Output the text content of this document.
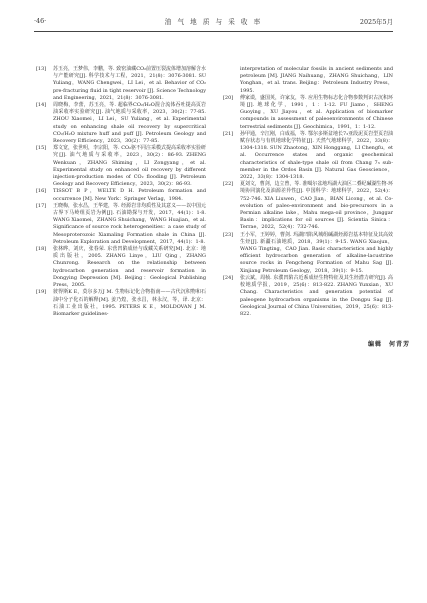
·46·	油 气 地 质 与 采 收 率	2025年5月

[13] 苏玉亮，王梦伟，李鹏，等. 致密油藏CO₂前置压裂流体增加溶解含水与产能研究[J]. 科学技术与工程，2021，21(8)：3076-3081. SU Yuliang，WANG Chengwei，LI Lei，et al. Behavior of CO₂ pre-fracturing fluid in tight reservoir [J]. Science Technology and Engineering，2021，21(8)：3076-3081.

[14] 周晓梅，李蕾，苏玉亮，等. 超临界CO₂/H₂O混合流体吞吐提高页岩油采收率实验研究[J]. 油气地质与采收率，2023，30(2)：77-85. ZHOU Xiaomei，LI Lei，SU Yuliang，et al. Experimental study on enhancing shale oil recovery by supercritical CO₂/H₂O mixture huff and puff [J]. Petroleum Geology and Recovery Efficiency，2023，30(2)：77-85.

[15] 郑文宽，张世明，李宗阳，等. CO₂驱不同注采模式提高采收率实验研究[J]. 油气地质与采收率，2023，30(2)：86-93. ZHENG Wenkuan，ZHANG Shiming，LI Zongyang，et al. Experimental study on enhanced oil recovery by different injection-production modes of CO₂ flooding [J]. Petroleum Geology and Recovery Efficiency，2023，30(2)：86-93.

[16] TISSOT B P，WELTE D H. Petroleum formation and occurrence [M]. New York：Springer Verlag，1984.

[17] 王晓梅，张水昌，王华建，等. 经源岩非均质性及其意义——以中国元古界下马岭组页岩为例[J]. 石油勘探与开发，2017，44(1)：1-8. WANG Xiaomei，ZHANG Shuichang，WANG Huajian，et al. Significance of source rock heterogeneities：a case study of Mesoproterozoic Xiamaling Formation shale in China [J]. Petroleum Exploration and Development，2017，44(1)：1-8.

[18] 张林晔，刘庆，张春荣. 东营凹陷成烃与成藏关系研究[M]. 北京：地质出版社，2005. ZHANG Linye，LIU Qing，ZHANG Chunrong. Research on the relationship between hydrocarbon generation and reservoir formation in Dongying Depression [M]. Beijing：Geological Publishing Press，2005.

[19] 彼得斯K E，莫尔多万J M. 生物标记化合物指南——古代沉积物和石油中分子化石的解释[M]. 姜乃煌，张水昌，林永汉，等，译. 北京：石油工业出版社，1995. PETERS K E，MOLDOVAN J M. Biomarker guidelines-

interpretation of molecular fossils in ancient sediments and petroleum [M]. JIANG Naihuang，ZHANG Shuichang，LIN Yonghan，et al. trans. Beijing：Petroleum Industry Press，1995.

[20] 傅家谟，盛国英，许家友，等. 应用生物标志化合物参数判识古沉积环境[J]. 地球化学，1991，1：1-12. FU Jiamo，SHENG Guoying，XU Jiayou，et al. Application of biomarker compounds in assessment of paleoenvironments of Chinese terrestrial sediments [J]. Geochimica，1991，1：1-12.

[21] 孙甲通，辛江刚，白成福，等. 鄂尔多斯盆地长7₃亚段泥页岩型页岩油赋存状态与有机地球化学特征[J]. 天然气地球科学，2022，33(8)：1304-1318. SUN Zhaotong，XIN Honggang，LI Chengfu，et al. Occurrence states and organic geochemical characteristics of shale-type shale oil from Chang 7₃ sub-member in the Ordos Basin [J]. Natural Gas Geoscience，2022，33(8)：1304-1318.

[22] 夏刘文，曹剑，边立曾，等. 准噶尔盆地玛湖大油区二叠纪碱湖生物-环境协同演化及油源差异性[J]. 中国科学：地球科学，2022，52(4)：752-746. XIA Liuwen，CAO Jian，BIAN Licong，et al. Co-evolution of paleo-environment and bio-precursors in a Permian alkaline lake，Mahu mega-oil province，Junggar Basin：implications for oil sources [J]. Scientia Sinica：Terrae，2022，52(4)：732-746.

[23] 王小军，王婷婷，曹剑. 玛湖凹陷风城组碱湖烃源岩基本特征及其高效生烃[J]. 新疆石油地质，2018，39(1)：9-15. WANG Xiaojun，WANG Tingting，CAO Jian. Basic characteristics and highly efficient hydrocarbon generation of alkaline-lacustrine source rocks in Fengcheng Formation of Mahu Sag [J]. Xinjiang Petroleum Geology，2018，39(1)：9-15.

[24] 张云斌，周桢. 东濮凹陷古近系成烃生物特征及其生烃潜力研究[J]. 高校地质学报，2019，25(6)：813-822. ZHANG Yunxian，XU Chang. Characteristics and generation potential of paleogene hydrocarbon organisms in the Dongpu Sag [J]. Geological Journal of China Universities，2019，25(6)：813-822.

编辑　何青芳
